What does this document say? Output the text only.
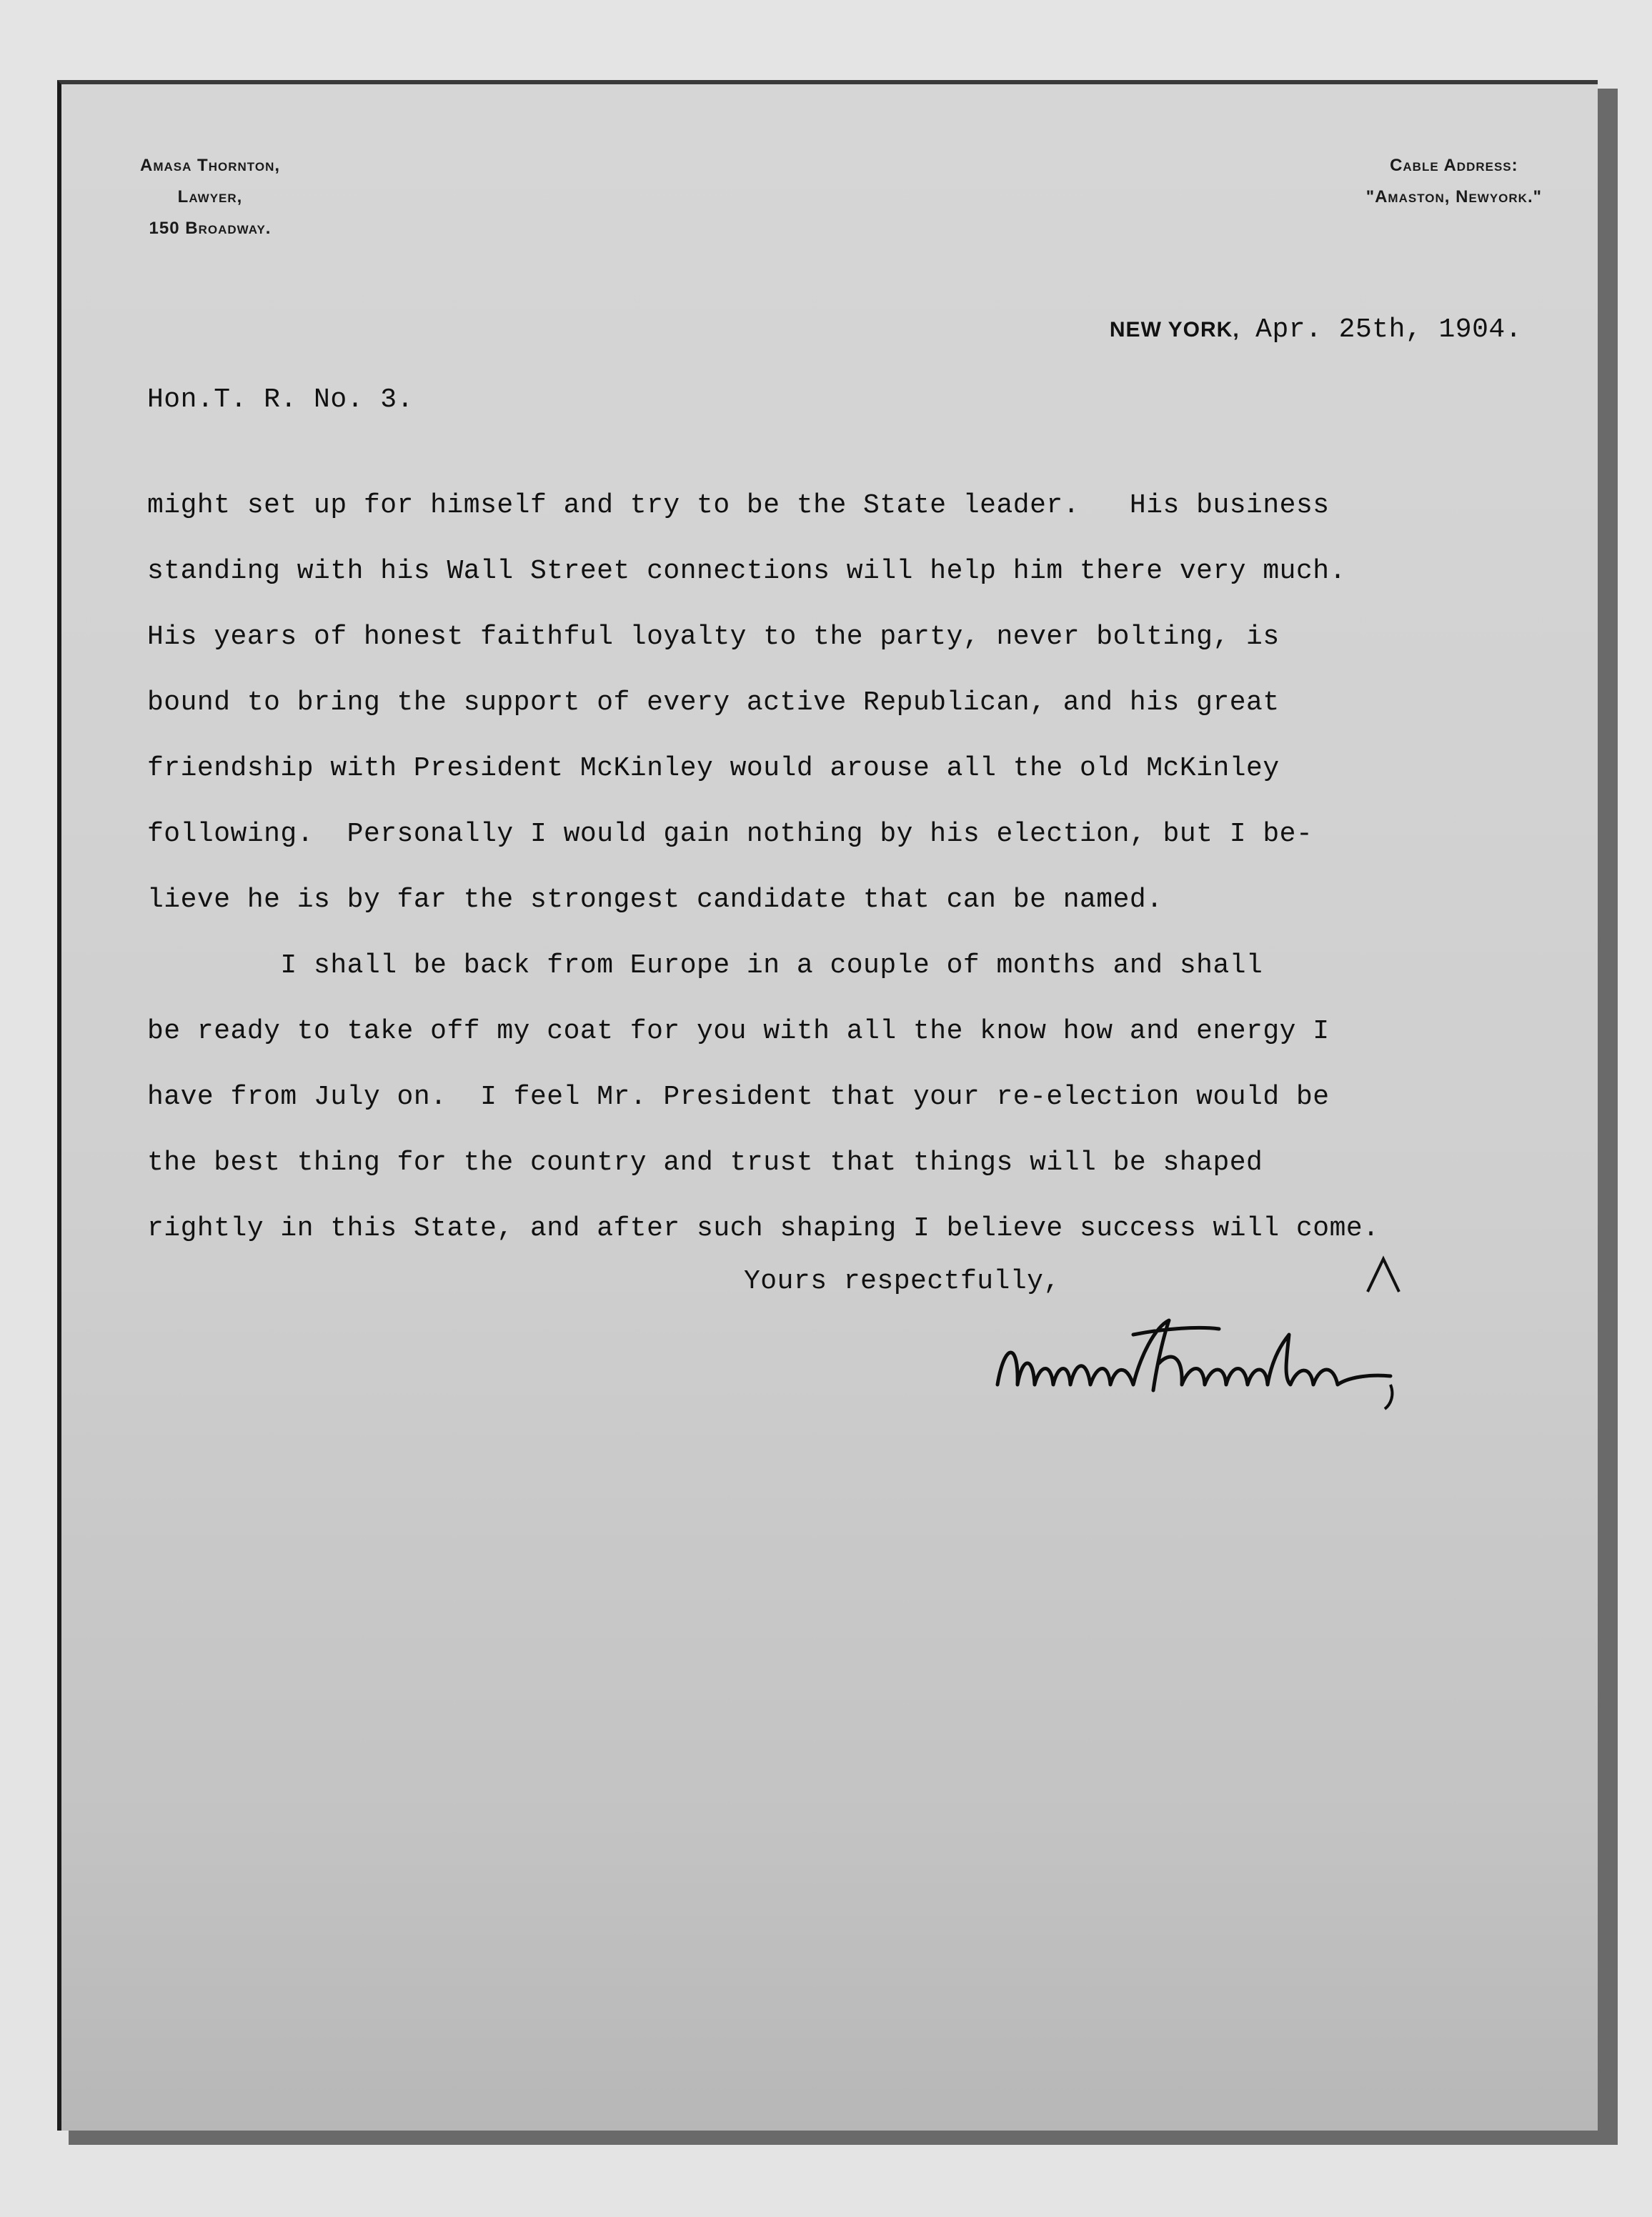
Amasa Thornton,
Lawyer,
150 Broadway.
Cable Address:
"Amaston, Newyork."
NEW YORK, Apr. 25th, 1904.
Hon.T. R. No. 3.
might set up for himself and try to be the State leader.   His business
standing with his Wall Street connections will help him there very much.
His years of honest faithful loyalty to the party, never bolting, is
bound to bring the support of every active Republican, and his great
friendship with President McKinley would arouse all the old McKinley
following.  Personally I would gain nothing by his election, but I be-
lieve he is by far the strongest candidate that can be named.
I shall be back from Europe in a couple of months and shall
be ready to take off my coat for you with all the know how and energy I
have from July on.  I feel Mr. President that your re-election would be
the best thing for the country and trust that things will be shaped
rightly in this State, and after such shaping I believe success will come.
Yours respectfully,
